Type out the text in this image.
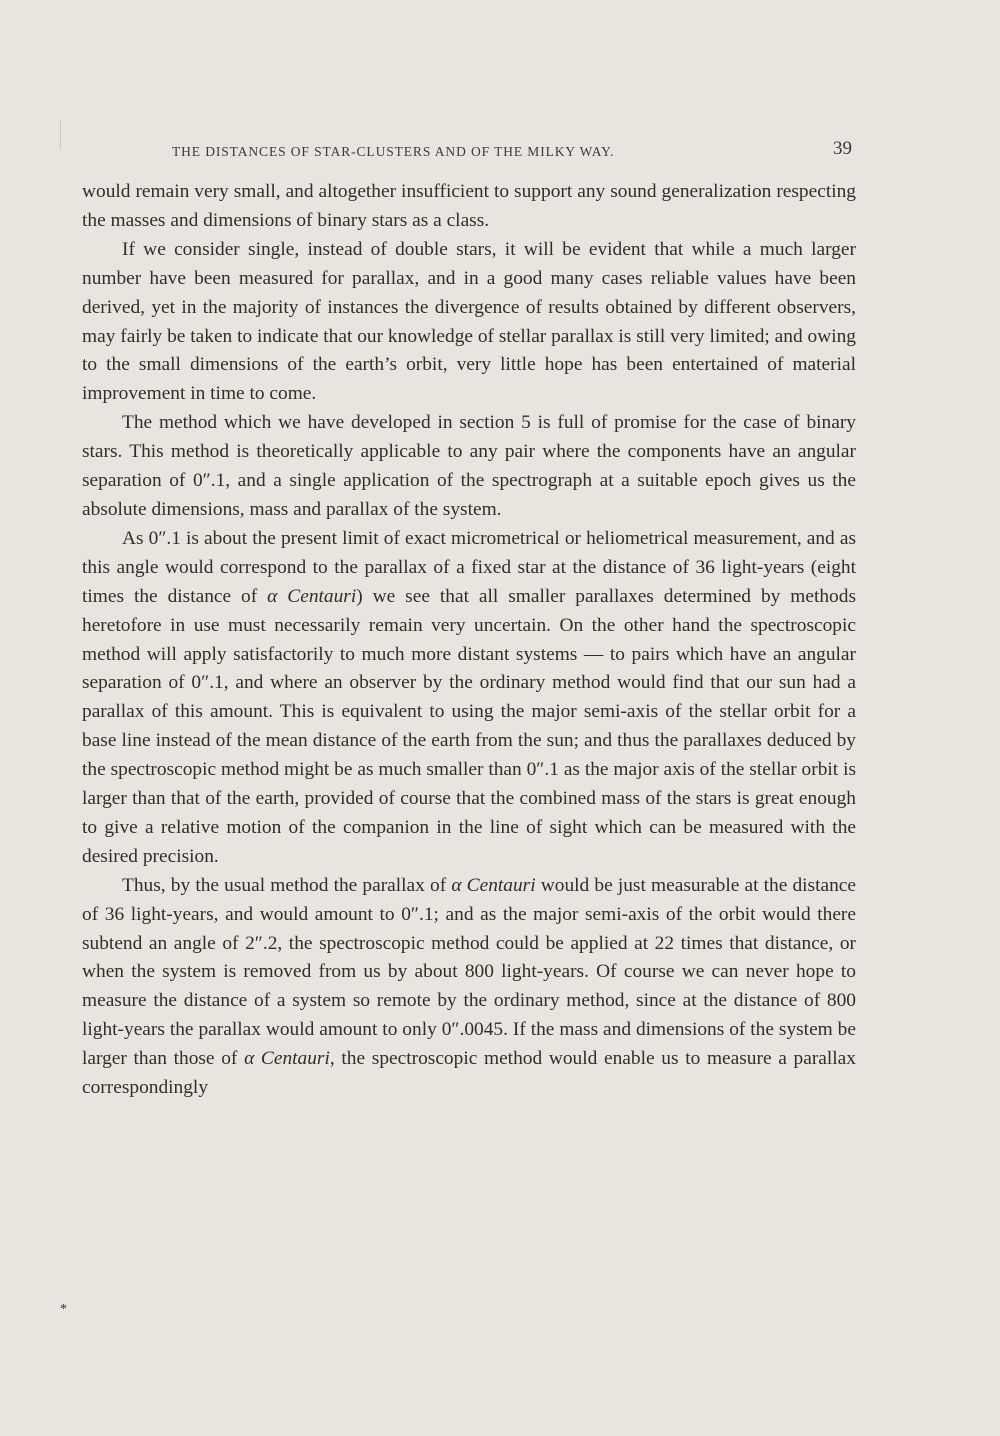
THE DISTANCES OF STAR-CLUSTERS AND OF THE MILKY WAY.	39

would remain very small, and altogether insufficient to support any sound generalization respecting the masses and dimensions of binary stars as a class.

If we consider single, instead of double stars, it will be evident that while a much larger number have been measured for parallax, and in a good many cases reliable values have been derived, yet in the majority of instances the divergence of results obtained by different observers, may fairly be taken to indicate that our knowledge of stellar parallax is still very limited; and owing to the small dimensions of the earth’s orbit, very little hope has been entertained of material improvement in time to come.

The method which we have developed in section 5 is full of promise for the case of binary stars. This method is theoretically applicable to any pair where the components have an angular separation of 0″.1, and a single application of the spectrograph at a suitable epoch gives us the absolute dimensions, mass and parallax of the system.

As 0″.1 is about the present limit of exact micrometrical or heliometrical measurement, and as this angle would correspond to the parallax of a fixed star at the distance of 36 light-years (eight times the distance of α Centauri) we see that all smaller parallaxes determined by methods heretofore in use must necessarily remain very uncertain. On the other hand the spectroscopic method will apply satisfactorily to much more distant systems — to pairs which have an angular separation of 0″.1, and where an observer by the ordinary method would find that our sun had a parallax of this amount. This is equivalent to using the major semi-axis of the stellar orbit for a base line instead of the mean distance of the earth from the sun; and thus the parallaxes deduced by the spectroscopic method might be as much smaller than 0″.1 as the major axis of the stellar orbit is larger than that of the earth, provided of course that the combined mass of the stars is great enough to give a relative motion of the companion in the line of sight which can be measured with the desired precision.

Thus, by the usual method the parallax of α Centauri would be just measurable at the distance of 36 light-years, and would amount to 0″.1; and as the major semi-axis of the orbit would there subtend an angle of 2″.2, the spectroscopic method could be applied at 22 times that distance, or when the system is removed from us by about 800 light-years. Of course we can never hope to measure the distance of a system so remote by the ordinary method, since at the distance of 800 light-years the parallax would amount to only 0″.0045. If the mass and dimensions of the system be larger than those of α Centauri, the spectroscopic method would enable us to measure a parallax correspondingly

*
